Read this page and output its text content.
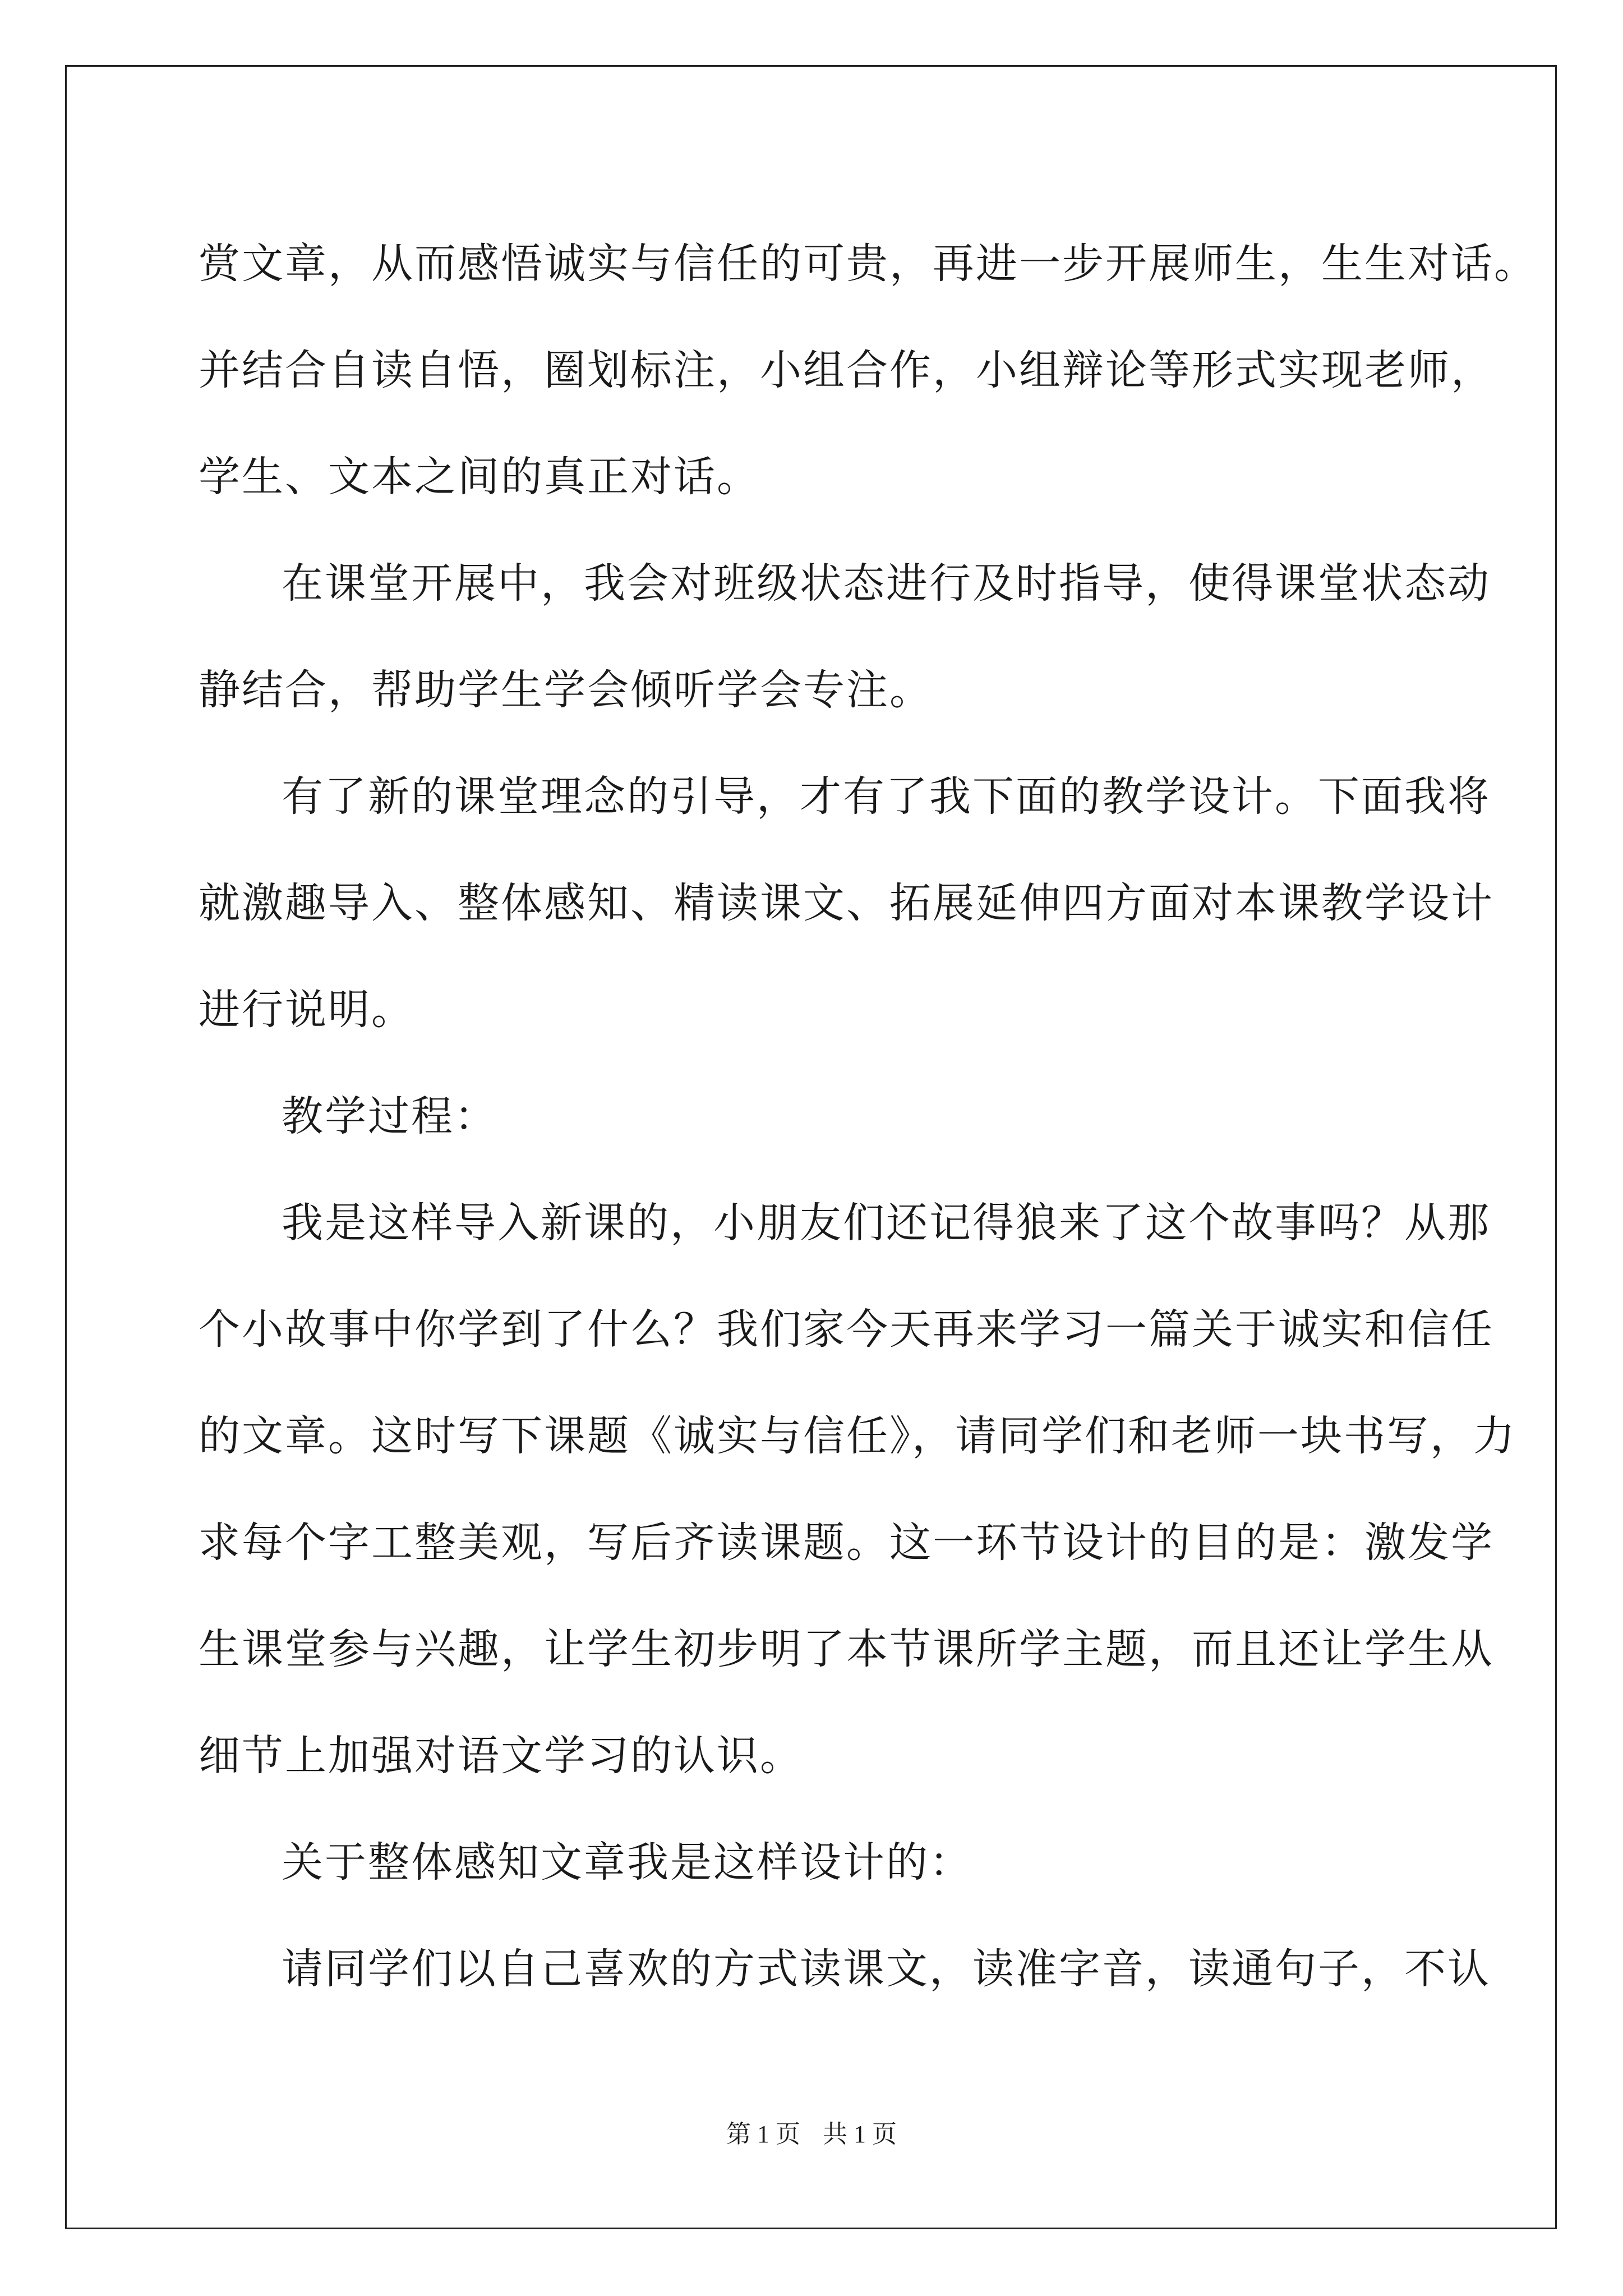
赏文章，从而感悟诚实与信任的可贵，再进一步开展师生，生生对话。
并结合自读自悟，圈划标注，小组合作，小组辩论等形式实现老师，
学生、文本之间的真正对话。
在课堂开展中，我会对班级状态进行及时指导，使得课堂状态动
静结合，帮助学生学会倾听学会专注。
有了新的课堂理念的引导，才有了我下面的教学设计。下面我将
就激趣导入、整体感知、精读课文、拓展延伸四方面对本课教学设计
进行说明。
教学过程：
我是这样导入新课的，小朋友们还记得狼来了这个故事吗？从那
个小故事中你学到了什么？我们家今天再来学习一篇关于诚实和信任
的文章。这时写下课题《诚实与信任》，请同学们和老师一块书写，力
求每个字工整美观，写后齐读课题。这一环节设计的目的是：激发学
生课堂参与兴趣，让学生初步明了本节课所学主题，而且还让学生从
细节上加强对语文学习的认识。
关于整体感知文章我是这样设计的：
请同学们以自己喜欢的方式读课文，读准字音，读通句子，不认
第 1 页 共 1 页
